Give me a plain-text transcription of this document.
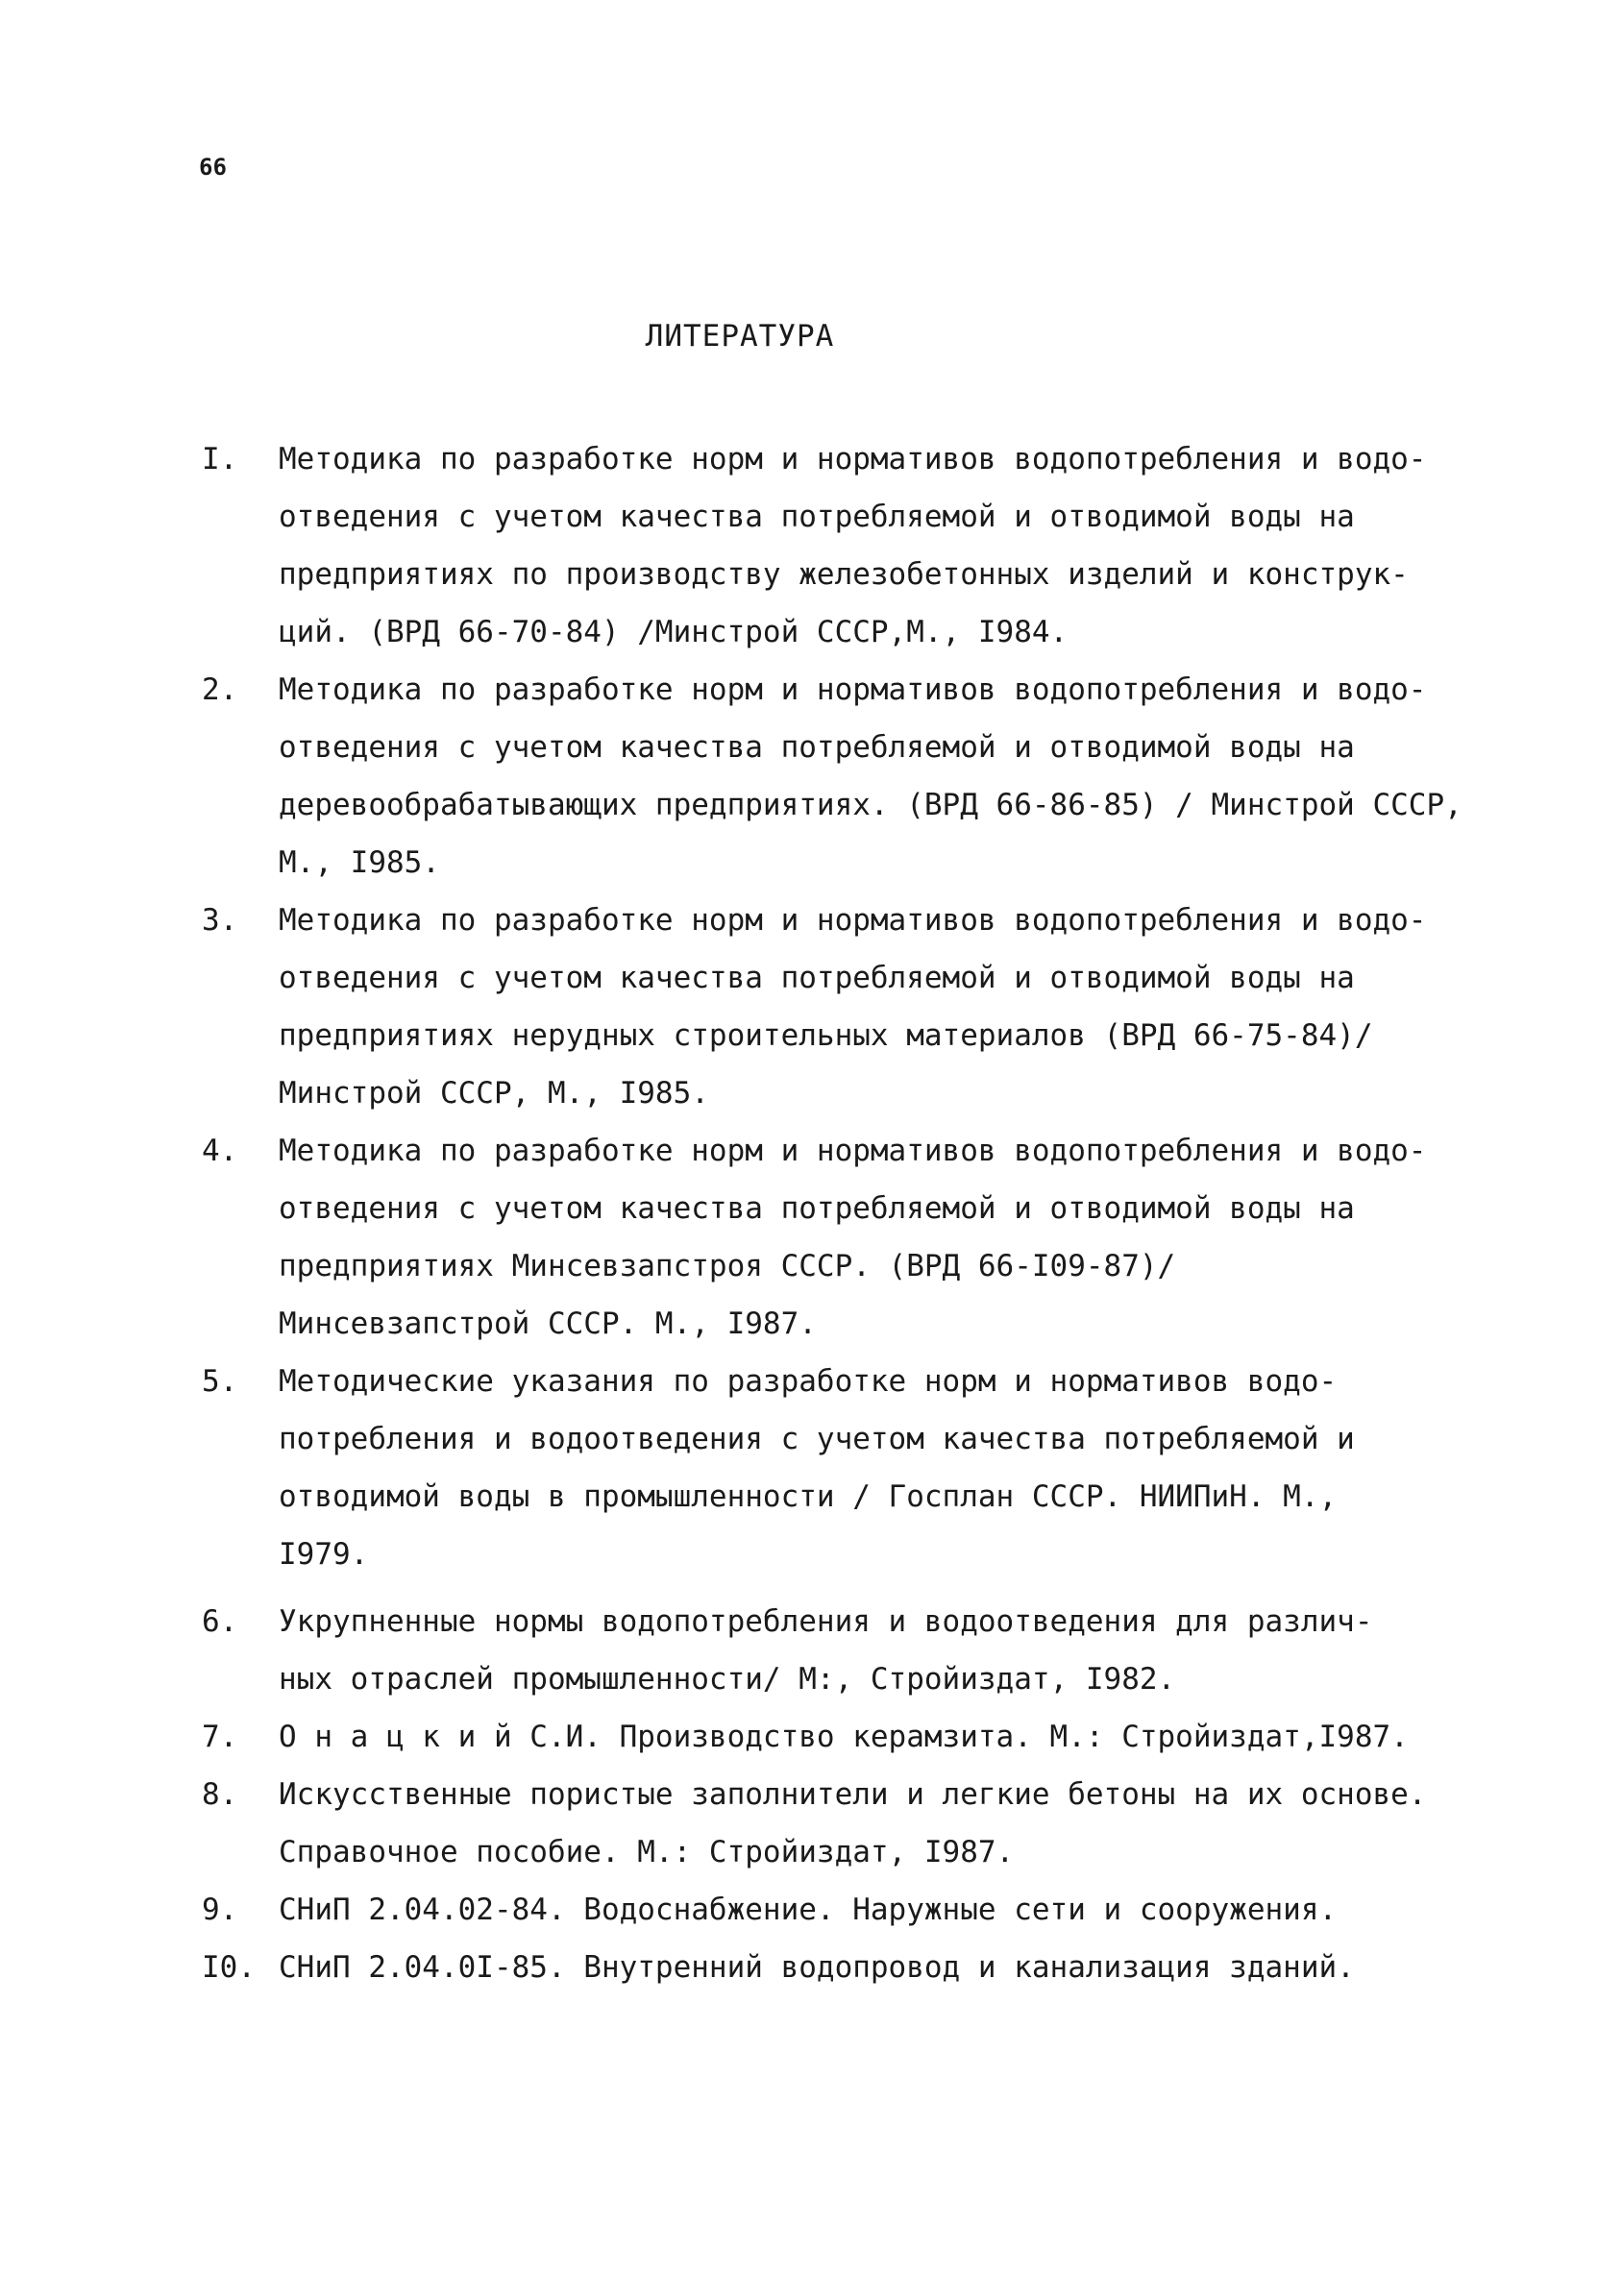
66
ЛИТЕРАТУРА
I. Методика по разработке норм и нормативов водопотребления и водо-
отведения с учетом качества потребляемой и отводимой воды на
предприятиях по производству железобетонных изделий и конструк-
ций. (ВРД 66-70-84) /Минстрой СССР,М., I984.
2. Методика по разработке норм и нормативов водопотребления и водо-
отведения с учетом качества потребляемой и отводимой воды на
деревообрабатывающих предприятиях. (ВРД 66-86-85) / Минстрой СССР,
М., I985.
3. Методика по разработке норм и нормативов водопотребления и водо-
отведения с учетом качества потребляемой и отводимой воды на
предприятиях нерудных строительных материалов (ВРД 66-75-84)/
Минстрой СССР, М., I985.
4. Методика по разработке норм и нормативов водопотребления и водо-
отведения с учетом качества потребляемой и отводимой воды на
предприятиях Минсевзапстроя СССР. (ВРД 66-I09-87)/
Минсевзапстрой СССР. М., I987.
5. Методические указания по разработке норм и нормативов водо-
потребления и водоотведения с учетом качества потребляемой и
отводимой воды в промышленности / Госплан СССР. НИИПиН. М.,
I979.
6. Укрупненные нормы водопотребления и водоотведения для различ-
ных отраслей промышленности/ М:, Стройиздат, I982.
7. О н а ц к и й С.И. Производство керамзита. М.: Стройиздат,I987.
8. Искусственные пористые заполнители и легкие бетоны на их основе.
Справочное пособие. М.: Стройиздат, I987.
9. СНиП 2.04.02-84. Водоснабжение. Наружные сети и сооружения.
I0. СНиП 2.04.0I-85. Внутренний водопровод и канализация зданий.
